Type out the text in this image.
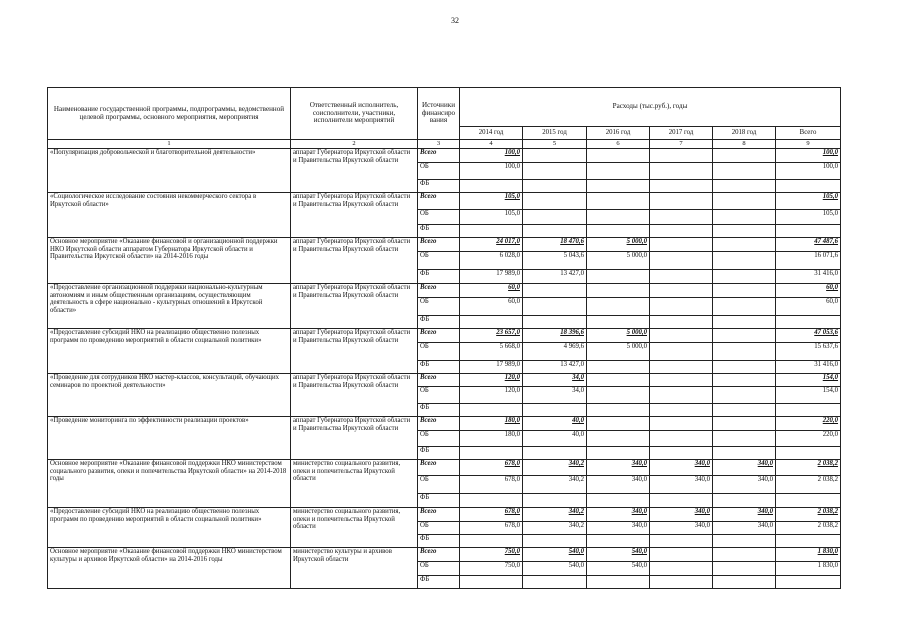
32
Наименование государственной программы, подпрограммы, ведомственной целевой программы, основного мероприятия, мероприятия	Ответственный исполнитель, соисполнители, участники, исполнители мероприятий	Источники финансиро вания	Расходы (тыс.руб.), годы					
			2014 год	2015 год	2016 год	2017 год	2018 год	Всего
1	2	3	4	5	6	7	8	9
«Популяризация добровольческой и благотворительной деятельности»	аппарат Губернатора Иркутской области и Правительства Иркутской области	Всего	100,0					100,0
		ОБ	100,0					100,0
		ФБ						
«Социологическое исследование состояния некоммерческого сектора в Иркутской области»	аппарат Губернатора Иркутской области и Правительства Иркутской области	Всего	105,0					105,0
		ОБ	105,0					105,0
		ФБ						
Основное мероприятие «Оказание финансовой и организационной поддержки НКО Иркутской области аппаратом Губернатора Иркутской области и Правительства Иркутской области» на 2014-2016 годы	аппарат Губернатора Иркутской области и Правительства Иркутской области	Всего	24 017,0	18 470,6	5 000,0			47 487,6
		ОБ	6 028,0	5 043,6	5 000,0			16 071,6
		ФБ	17 989,0	13 427,0				31 416,0
«Предоставление организационной поддержки национально-культурным автономиям и иным общественным организациям, осуществляющим деятельность в сфере национально - культурных отношений в Иркутской области»	аппарат Губернатора Иркутской области и Правительства Иркутской области	Всего	60,0					60,0
		ОБ	60,0					60,0
		ФБ						
«Предоставление субсидий НКО на реализацию общественно полезных программ по проведению мероприятий в области социальной политики»	аппарат Губернатора Иркутской области и Правительства Иркутской области	Всего	23 657,0	18 396,6	5 000,0			47 053,6
		ОБ	5 668,0	4 969,6	5 000,0			15 637,6
		ФБ	17 989,0	13 427,0				31 416,0
«Проведение для сотрудников НКО мастер-классов, консультаций, обучающих семинаров по проектной деятельности»	аппарат Губернатора Иркутской области и Правительства Иркутской области	Всего	120,0	34,0				154,0
		ОБ	120,0	34,0				154,0
		ФБ						
«Проведение мониторинга по эффективности реализации проектов»	аппарат Губернатора Иркутской области и Правительства Иркутской области	Всего	180,0	40,0				220,0
		ОБ	180,0	40,0				220,0
		ФБ						
Основное мероприятие «Оказание финансовой поддержки НКО министерством социального развития, опеки и попечительства Иркутской области» на 2014-2018 годы	министерство социального развития, опеки и попечительства Иркутской области	Всего	678,0	340,2	340,0	340,0	340,0	2 038,2
		ОБ	678,0	340,2	340,0	340,0	340,0	2 038,2
		ФБ						
«Предоставление субсидий НКО на реализацию общественно полезных программ по проведению мероприятий в области социальной политики»	министерство социального развития, опеки и попечительства Иркутской области	Всего	678,0	340,2	340,0	340,0	340,0	2 038,2
		ОБ	678,0	340,2	340,0	340,0	340,0	2 038,2
		ФБ						
Основное мероприятие «Оказание финансовой поддержки НКО министерством культуры и архивов Иркутской области» на 2014-2016 годы	министерство культуры и архивов Иркутской области	Всего	750,0	540,0	540,0			1 830,0
		ОБ	750,0	540,0	540,0			1 830,0
		ФБ						
